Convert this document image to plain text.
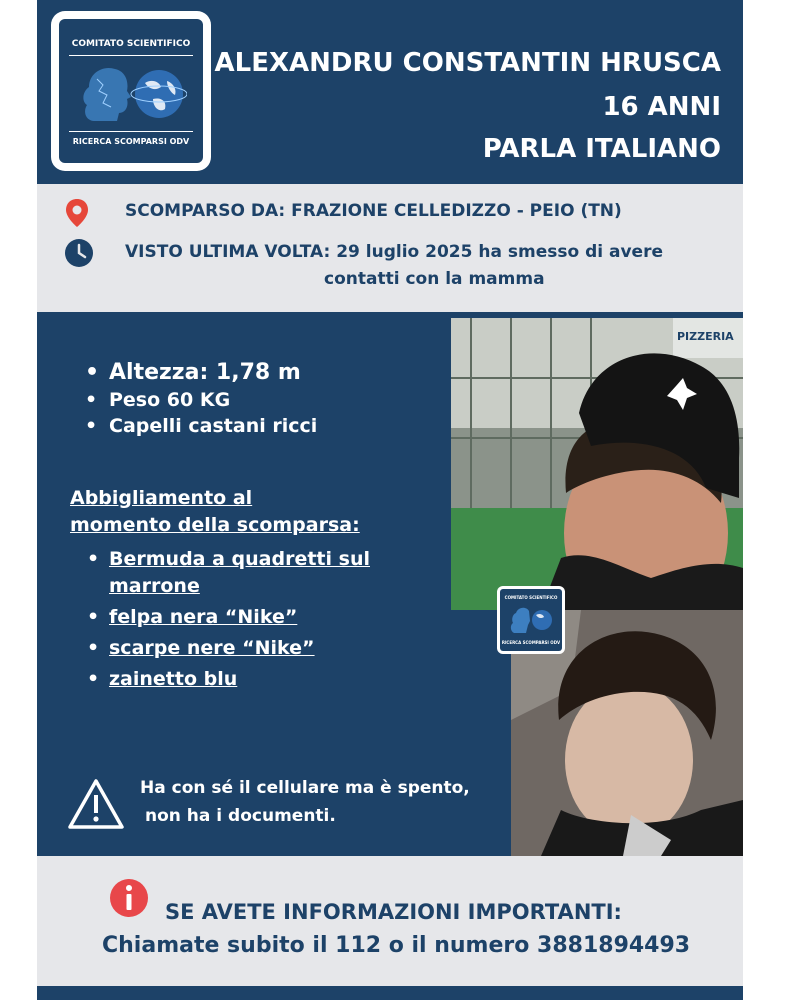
COMITATO SCIENTIFICO
RICERCA SCOMPARSI ODV
ALEXANDRU CONSTANTIN HRUSCA
16 ANNI
PARLA ITALIANO
SCOMPARSO DA: FRAZIONE CELLEDIZZO - PEIO (TN)
VISTO ULTIMA VOLTA: 29 luglio 2025 ha smesso di avere
contatti con la mamma
• Altezza: 1,78 m
• Peso 60 KG
• Capelli castani ricci
Abbigliamento al
momento della scomparsa:
• Bermuda a quadretti sul
marrone
• felpa nera “Nike”
• scarpe nere “Nike”
• zainetto blu
Ha con sé il cellulare ma è spento,
non ha i documenti.
PIZZERIA
COMITATO SCIENTIFICO
RICERCA SCOMPARSI ODV
SE AVETE INFORMAZIONI IMPORTANTI:
Chiamate subito il 112 o il numero 3881894493
